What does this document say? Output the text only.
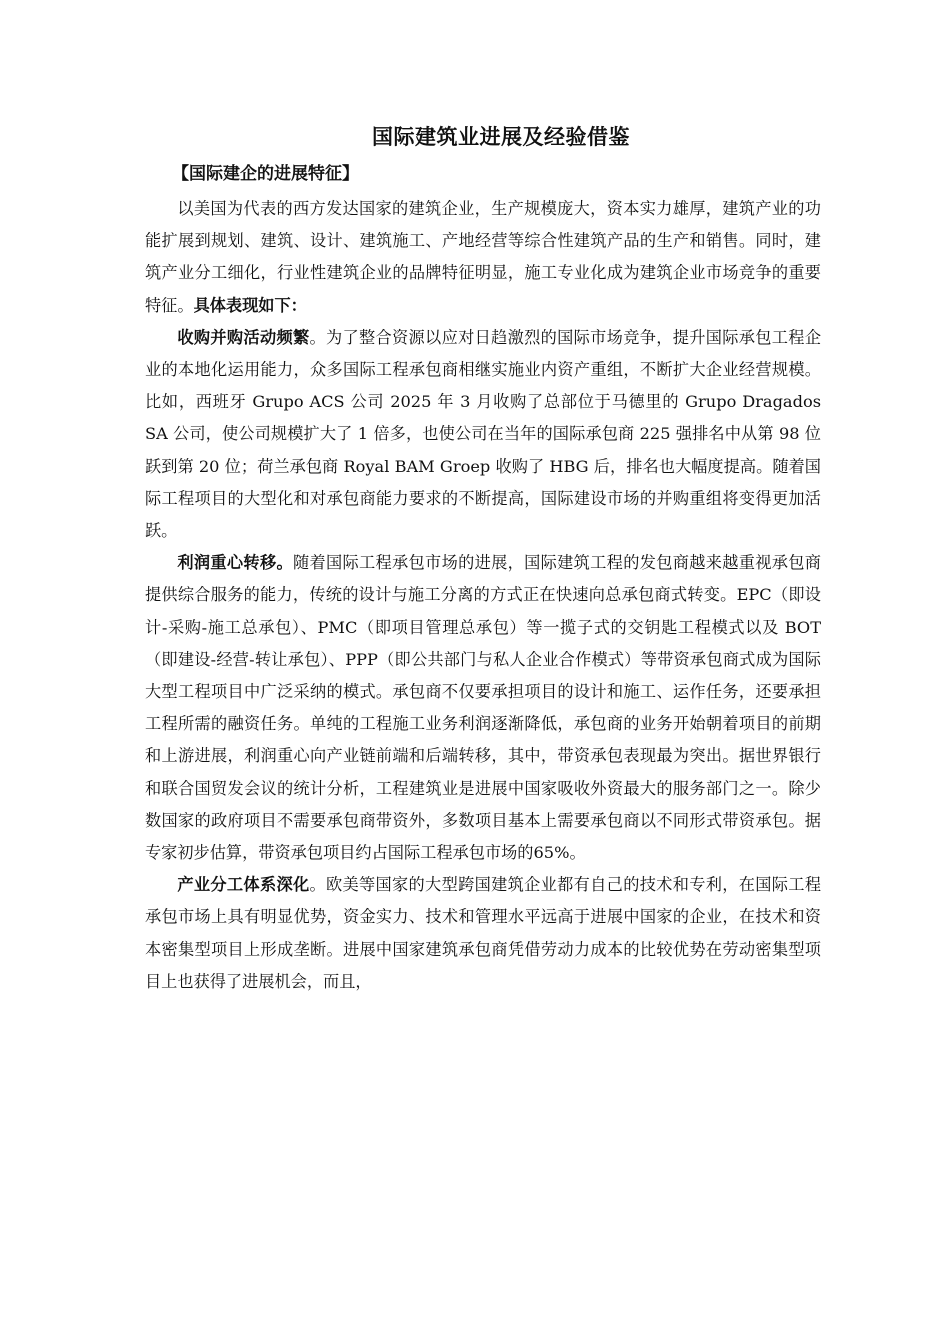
国际建筑业进展及经验借鉴
【国际建企的进展特征】

以美国为代表的西方发达国家的建筑企业，生产规模庞大，资本实力雄厚，建筑产业的功能扩展到规划、建筑、设计、建筑施工、产地经营等综合性建筑产品的生产和销售。同时，建筑产业分工细化，行业性建筑企业的品牌特征明显，施工专业化成为建筑企业市场竞争的重要特征。具体表现如下：

收购并购活动频繁。为了整合资源以应对日趋激烈的国际市场竞争，提升国际承包工程企业的本地化运用能力，众多国际工程承包商相继实施业内资产重组，不断扩大企业经营规模。比如，西班牙 Grupo ACS 公司 2025 年 3 月收购了总部位于马德里的 Grupo Dragados SA 公司，使公司规模扩大了 1 倍多，也使公司在当年的国际承包商 225 强排名中从第 98 位跃到第 20 位；荷兰承包商 Royal BAM Groep 收购了 HBG 后，排名也大幅度提高。随着国际工程项目的大型化和对承包商能力要求的不断提高，国际建设市场的并购重组将变得更加活跃。

利润重心转移。随着国际工程承包市场的进展，国际建筑工程的发包商越来越重视承包商提供综合服务的能力，传统的设计与施工分离的方式正在快速向总承包商式转变。EPC（即设计-采购-施工总承包）、PMC（即项目管理总承包）等一揽子式的交钥匙工程模式以及 BOT（即建设-经营-转让承包）、PPP（即公共部门与私人企业合作模式）等带资承包商式成为国际大型工程项目中广泛采纳的模式。承包商不仅要承担项目的设计和施工、运作任务，还要承担工程所需的融资任务。单纯的工程施工业务利润逐渐降低，承包商的业务开始朝着项目的前期和上游进展，利润重心向产业链前端和后端转移，其中，带资承包表现最为突出。据世界银行和联合国贸发会议的统计分析，工程建筑业是进展中国家吸收外资最大的服务部门之一。除少数国家的政府项目不需要承包商带资外，多数项目基本上需要承包商以不同形式带资承包。据专家初步估算，带资承包项目约占国际工程承包市场的65%。

产业分工体系深化。欧美等国家的大型跨国建筑企业都有自己的技术和专利，在国际工程承包市场上具有明显优势，资金实力、技术和管理水平远高于进展中国家的企业，在技术和资本密集型项目上形成垄断。进展中国家建筑承包商凭借劳动力成本的比较优势在劳动密集型项目上也获得了进展机会，而且，
